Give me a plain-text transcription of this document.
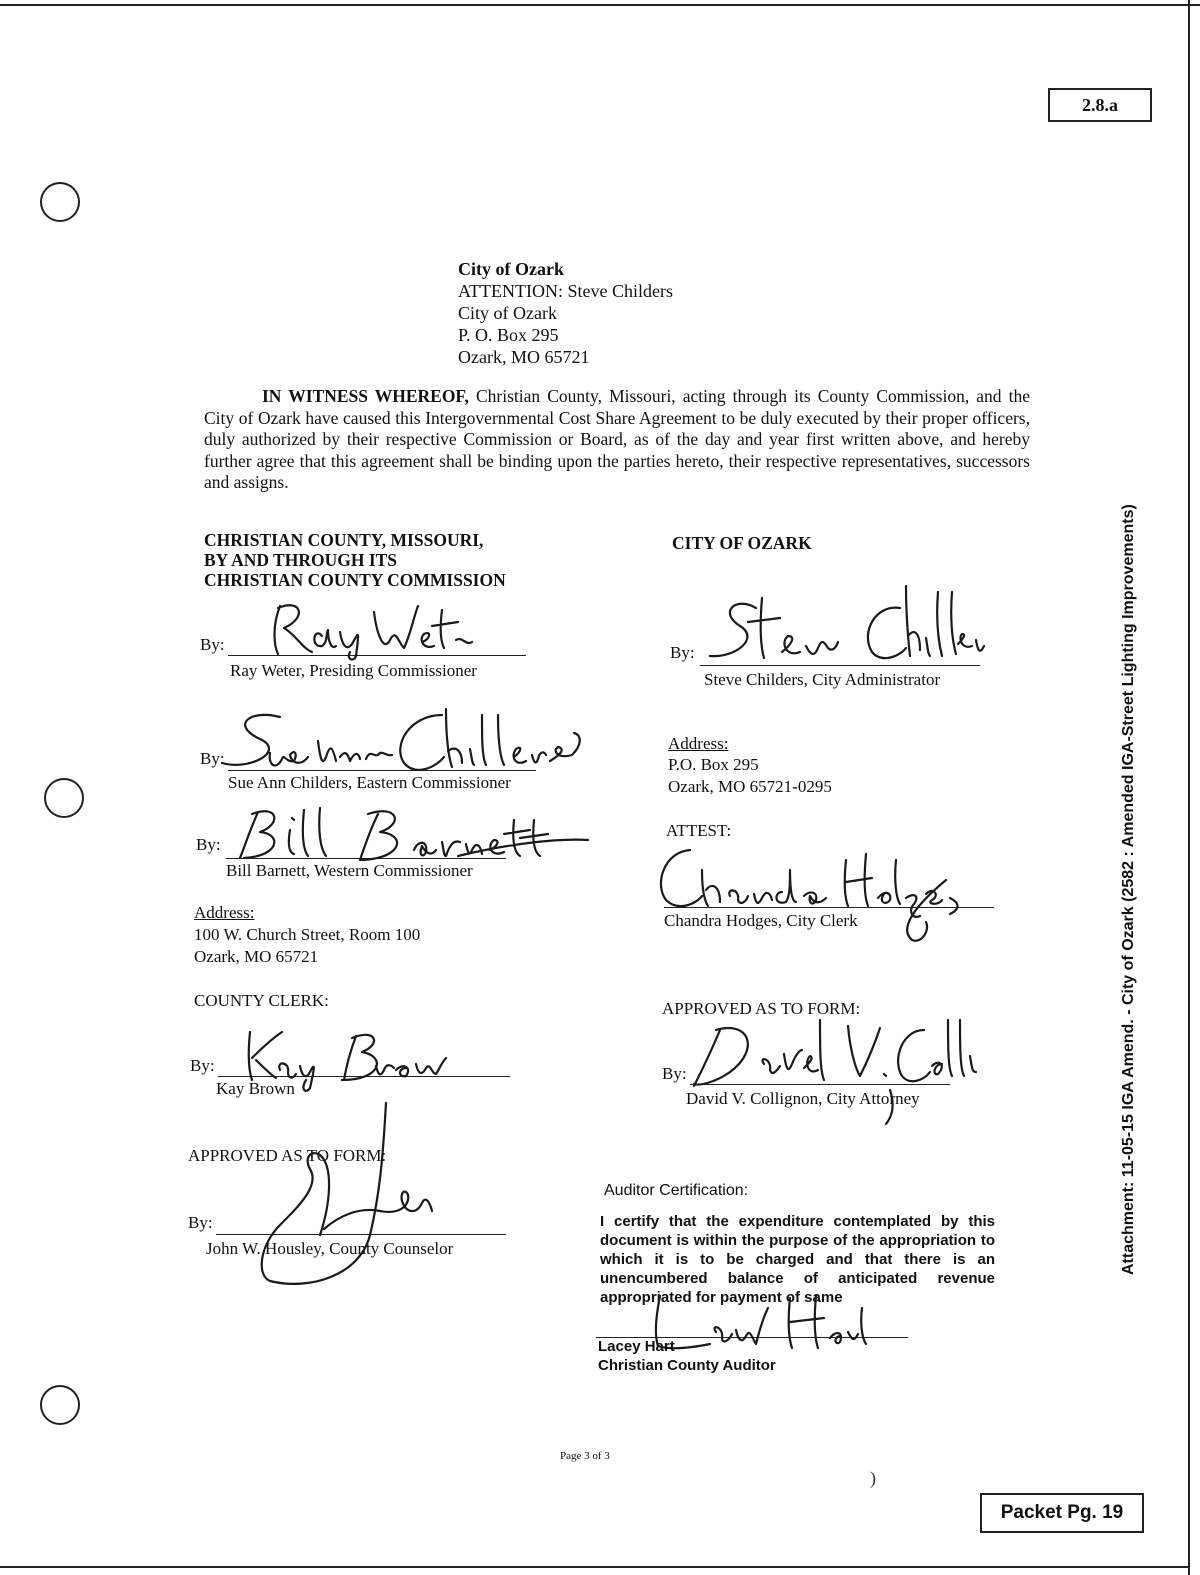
2.8.a
City of Ozark
ATTENTION: Steve Childers
City of Ozark
P. O. Box 295
Ozark, MO 65721
IN WITNESS WHEREOF, Christian County, Missouri, acting through its County Commission, and the City of Ozark have caused this Intergovernmental Cost Share Agreement to be duly executed by their proper officers, duly authorized by their respective Commission or Board, as of the day and year first written above, and hereby further agree that this agreement shall be binding upon the parties hereto, their respective representatives, successors and assigns.
CHRISTIAN COUNTY, MISSOURI,
BY AND THROUGH ITS
CHRISTIAN COUNTY COMMISSION
By:
Ray Weter, Presiding Commissioner
By:
Sue Ann Childers, Eastern Commissioner
By:
Bill Barnett, Western Commissioner
Address:
100 W. Church Street, Room 100
Ozark, MO 65721
COUNTY CLERK:
By:
Kay Brown
APPROVED AS TO FORM:
By:
John W. Housley, County Counselor
CITY OF OZARK
By:
Steve Childers, City Administrator
Address:
P.O. Box 295
Ozark, MO 65721-0295
ATTEST:
Chandra Hodges, City Clerk
APPROVED AS TO FORM:
By:
David V. Collignon, City Attorney
Auditor Certification:
I certify that the expenditure contemplated by this document is within the purpose of the appropriation to which it is to be charged and that there is an unencumbered balance of anticipated revenue appropriated for payment of same
Lacey Hart
Christian County Auditor
Page 3 of 3
Packet Pg. 19
Attachment: 11-05-15 IGA Amend. - City of Ozark (2582 : Amended IGA-Street Lighting Improvements)
)
